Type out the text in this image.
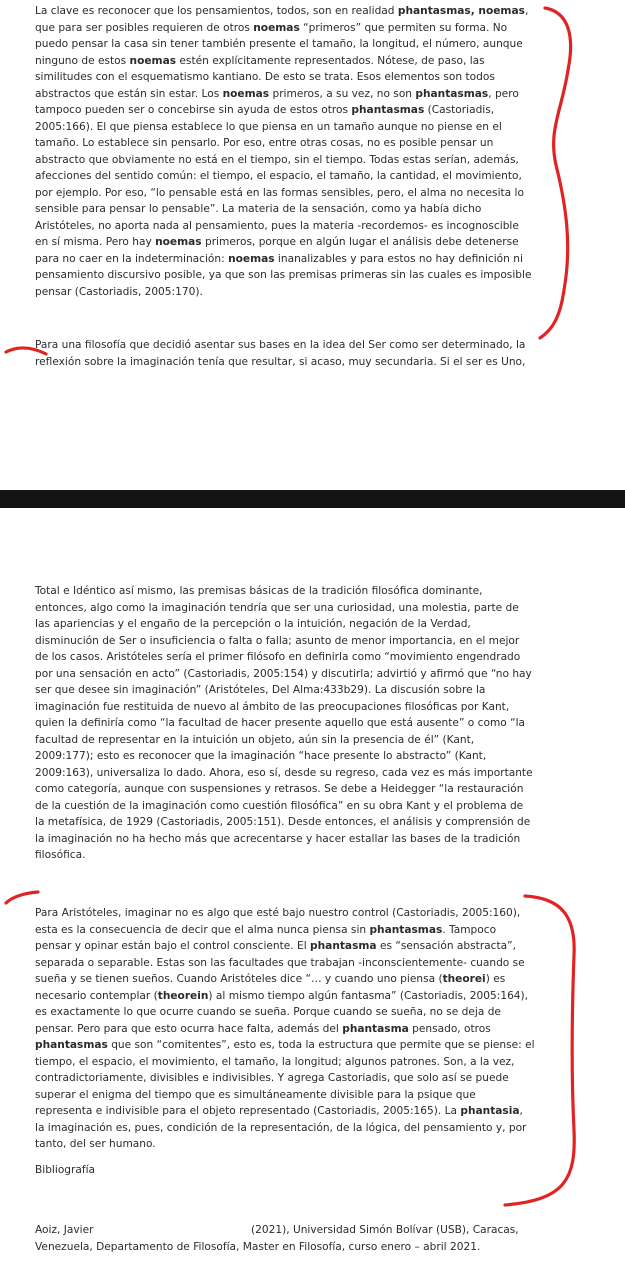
La clave es reconocer que los pensamientos, todos, son en realidad phantasmas, noemas, que para ser posibles requieren de otros noemas “primeros” que permiten su forma. No puedo pensar la casa sin tener también presente el tamaño, la longitud, el número, aunque ninguno de estos noemas estén explícitamente representados. Nótese, de paso, las similitudes con el esquematismo kantiano. De esto se trata. Esos elementos son todos abstractos que están sin estar. Los noemas primeros, a su vez, no son phantasmas, pero tampoco pueden ser o concebirse sin ayuda de estos otros phantasmas (Castoriadis, 2005:166). El que piensa establece lo que piensa en un tamaño aunque no piense en el tamaño. Lo establece sin pensarlo. Por eso, entre otras cosas, no es posible pensar un abstracto que obviamente no está en el tiempo, sin el tiempo. Todas estas serían, además, afecciones del sentido común: el tiempo, el espacio, el tamaño, la cantidad, el movimiento, por ejemplo. Por eso, “lo pensable está en las formas sensibles, pero, el alma no necesita lo sensible para pensar lo pensable”. La materia de la sensación, como ya había dicho Aristóteles, no aporta nada al pensamiento, pues la materia -recordemos- es incognoscible en sí misma. Pero hay noemas primeros, porque en algún lugar el análisis debe detenerse para no caer en la indeterminación: noemas inanalizables y para estos no hay definición ni pensamiento discursivo posible, ya que son las premisas primeras sin las cuales es imposible pensar (Castoriadis, 2005:170).

Para una filosofía que decidió asentar sus bases en la idea del Ser como ser determinado, la reflexión sobre la imaginación tenía que resultar, si acaso, muy secundaria. Si el ser es Uno,

Total e Idéntico así mismo, las premisas básicas de la tradición filosófica dominante, entonces, algo como la imaginación tendría que ser una curiosidad, una molestia, parte de las apariencias y el engaño de la percepción o la intuición, negación de la Verdad, disminución de Ser o insuficiencia o falta o falla; asunto de menor importancia, en el mejor de los casos. Aristóteles sería el primer filósofo en definirla como “movimiento engendrado por una sensación en acto” (Castoriadis, 2005:154) y discutirla; advirtió y afirmó que “no hay ser que desee sin imaginación” (Aristóteles, Del Alma:433b29). La discusión sobre la imaginación fue restituida de nuevo al ámbito de las preocupaciones filosóficas por Kant, quien la definiría como “la facultad de hacer presente aquello que está ausente” o como “la facultad de representar en la intuición un objeto, aún sin la presencia de él” (Kant, 2009:177); esto es reconocer que la imaginación “hace presente lo abstracto” (Kant, 2009:163), universaliza lo dado. Ahora, eso sí, desde su regreso, cada vez es más importante como categoría, aunque con suspensiones y retrasos. Se debe a Heidegger “la restauración de la cuestión de la imaginación como cuestión filosófica” en su obra Kant y el problema de la metafísica, de 1929 (Castoriadis, 2005:151). Desde entonces, el análisis y comprensión de la imaginación no ha hecho más que acrecentarse y hacer estallar las bases de la tradición filosófica.

Para Aristóteles, imaginar no es algo que esté bajo nuestro control (Castoriadis, 2005:160), esta es la consecuencia de decir que el alma nunca piensa sin phantasmas. Tampoco pensar y opinar están bajo el control consciente. El phantasma es “sensación abstracta”, separada o separable. Estas son las facultades que trabajan -inconscientemente- cuando se sueña y se tienen sueños. Cuando Aristóteles dice “… y cuando uno piensa (theorei) es necesario contemplar (theorein) al mismo tiempo algún fantasma” (Castoriadis, 2005:164), es exactamente lo que ocurre cuando se sueña. Porque cuando se sueña, no se deja de pensar. Pero para que esto ocurra hace falta, además del phantasma pensado, otros phantasmas que son “comitentes”, esto es, toda la estructura que permite que se piense: el tiempo, el espacio, el movimiento, el tamaño, la longitud; algunos patrones. Son, a la vez, contradictoriamente, divisibles e indivisibles. Y agrega Castoriadis, que solo así se puede superar el enigma del tiempo que es simultáneamente divisible para la psique que representa e indivisible para el objeto representado (Castoriadis, 2005:165). La phantasia, la imaginación es, pues, condición de la representación, de la lógica, del pensamiento y, por tanto, del ser humano.

Bibliografía
Aoiz, Javier	(2021), Universidad Simón Bolívar (USB), Caracas,
Venezuela, Departamento de Filosofía, Master en Filosofía, curso enero – abril 2021.
